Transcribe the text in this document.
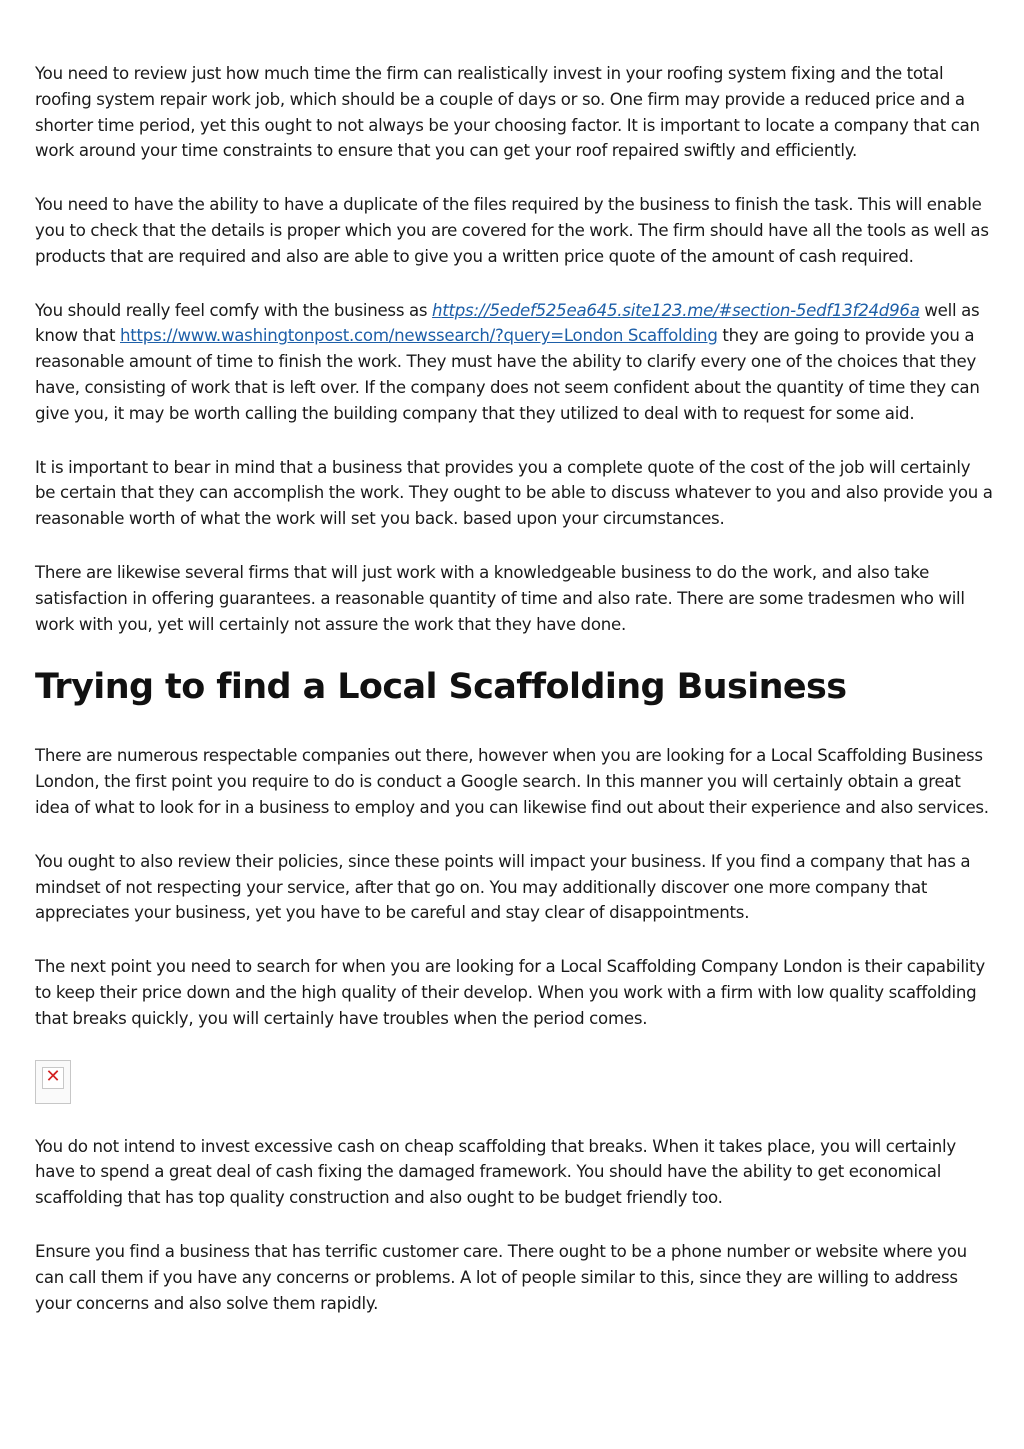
You need to review just how much time the firm can realistically invest in your roofing system fixing and the total roofing system repair work job, which should be a couple of days or so. One firm may provide a reduced price and a shorter time period, yet this ought to not always be your choosing factor. It is important to locate a company that can work around your time constraints to ensure that you can get your roof repaired swiftly and efficiently.

You need to have the ability to have a duplicate of the files required by the business to finish the task. This will enable you to check that the details is proper which you are covered for the work. The firm should have all the tools as well as products that are required and also are able to give you a written price quote of the amount of cash required.

You should really feel comfy with the business as https://5edef525ea645.site123.me/#section-5edf13f24d96a well as know that https://www.washingtonpost.com/newssearch/?query=London Scaffolding they are going to provide you a reasonable amount of time to finish the work. They must have the ability to clarify every one of the choices that they have, consisting of work that is left over. If the company does not seem confident about the quantity of time they can give you, it may be worth calling the building company that they utilized to deal with to request for some aid.

It is important to bear in mind that a business that provides you a complete quote of the cost of the job will certainly be certain that they can accomplish the work. They ought to be able to discuss whatever to you and also provide you a reasonable worth of what the work will set you back. based upon your circumstances.

There are likewise several firms that will just work with a knowledgeable business to do the work, and also take satisfaction in offering guarantees. a reasonable quantity of time and also rate. There are some tradesmen who will work with you, yet will certainly not assure the work that they have done.

Trying to find a Local Scaffolding Business

There are numerous respectable companies out there, however when you are looking for a Local Scaffolding Business London, the first point you require to do is conduct a Google search. In this manner you will certainly obtain a great idea of what to look for in a business to employ and you can likewise find out about their experience and also services.

You ought to also review their policies, since these points will impact your business. If you find a company that has a mindset of not respecting your service, after that go on. You may additionally discover one more company that appreciates your business, yet you have to be careful and stay clear of disappointments.

The next point you need to search for when you are looking for a Local Scaffolding Company London is their capability to keep their price down and the high quality of their develop. When you work with a firm with low quality scaffolding that breaks quickly, you will certainly have troubles when the period comes.

✕

You do not intend to invest excessive cash on cheap scaffolding that breaks. When it takes place, you will certainly have to spend a great deal of cash fixing the damaged framework. You should have the ability to get economical scaffolding that has top quality construction and also ought to be budget friendly too.

Ensure you find a business that has terrific customer care. There ought to be a phone number or website where you can call them if you have any concerns or problems. A lot of people similar to this, since they are willing to address your concerns and also solve them rapidly.
